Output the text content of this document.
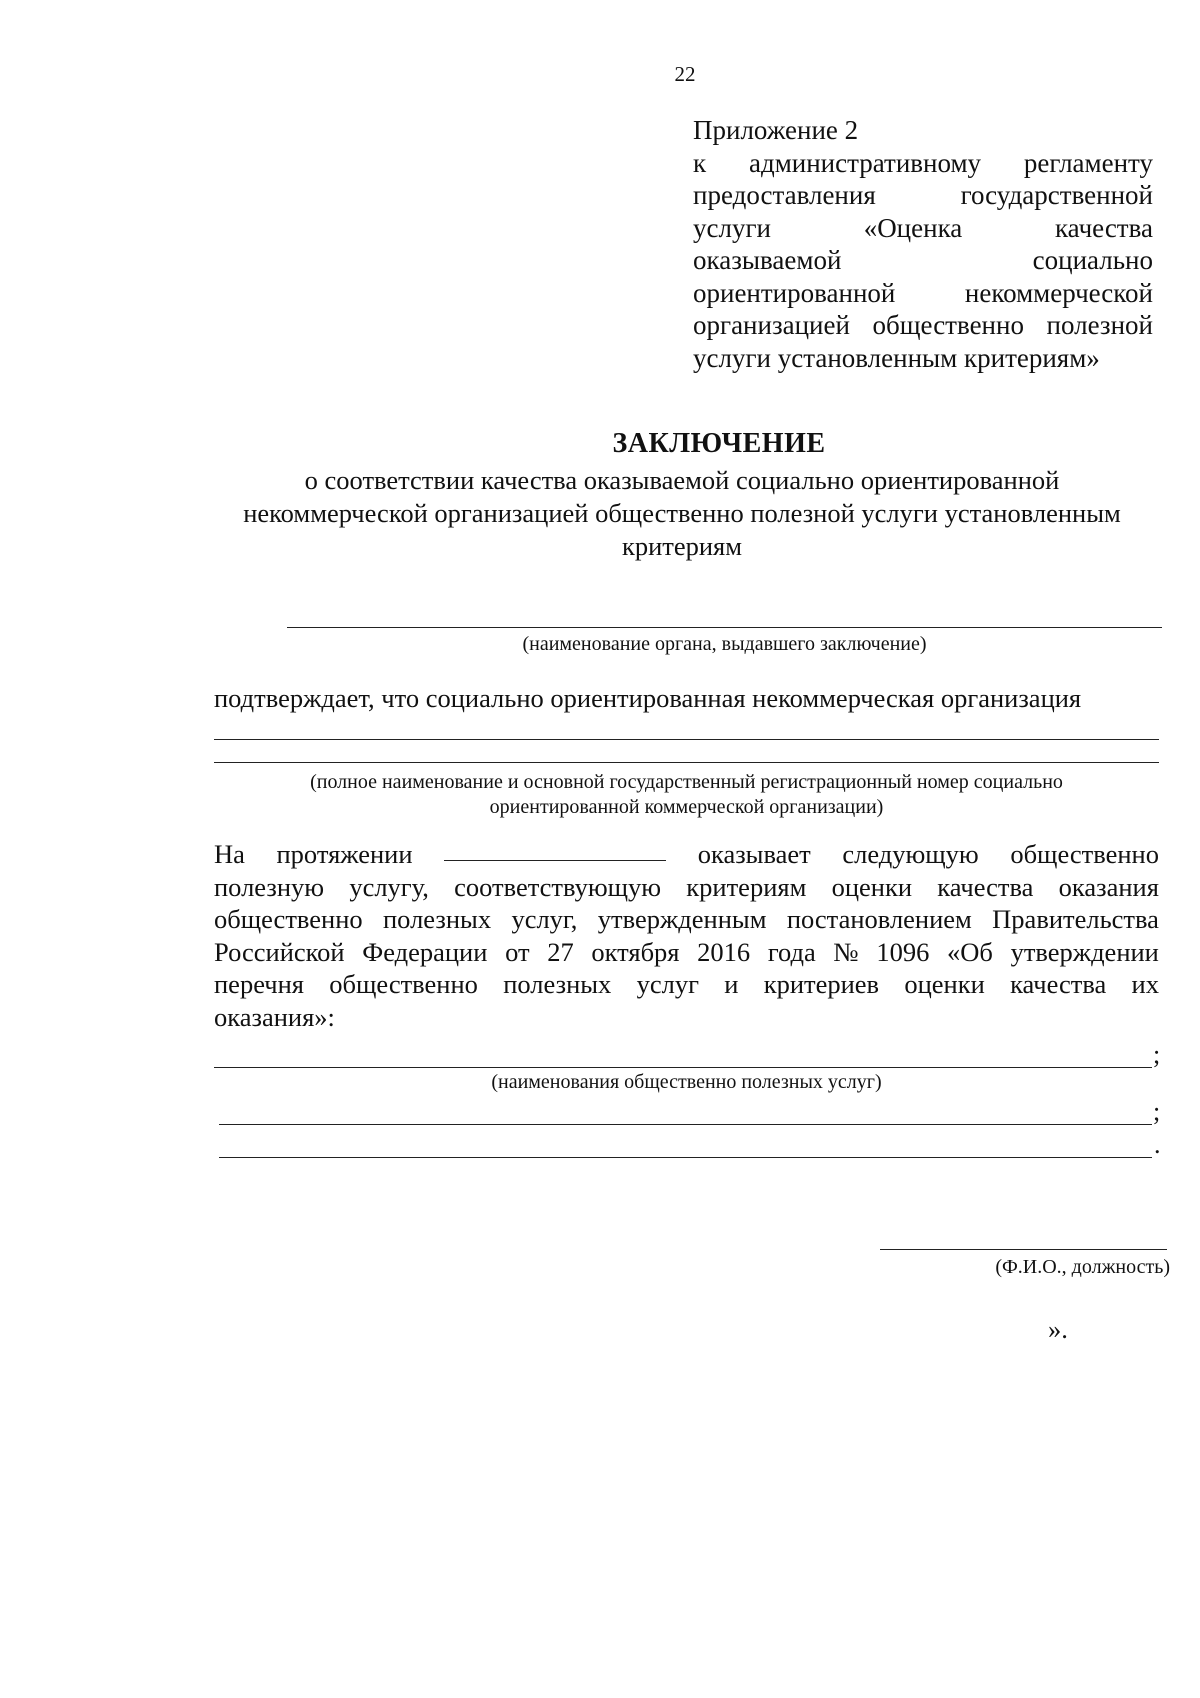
22
Приложение 2
к административному регламенту
предоставления	государственной
услуги	«Оценка	качества
оказываемой	социально
ориентированной	некоммерческой
организацией общественно полезной
услуги установленным критериям»
ЗАКЛЮЧЕНИЕ
о соответствии качества оказываемой социально ориентированной
некоммерческой организацией общественно полезной услуги установленным
критериям
(наименование органа, выдавшего заключение)
подтверждает, что социально ориентированная некоммерческая организация
(полное наименование и основной государственный регистрационный номер социально
ориентированной коммерческой организации)
На протяжении	оказывает следующую общественно
полезную услугу, соответствующую критериям оценки качества оказания
общественно полезных услуг, утвержденным постановлением Правительства
Российской Федерации от 27 октября 2016 года № 1096 «Об утверждении
перечня общественно полезных услуг и критериев оценки качества их
оказания»:
;
(наименования общественно полезных услуг)
;
.
(Ф.И.О., должность)
».
